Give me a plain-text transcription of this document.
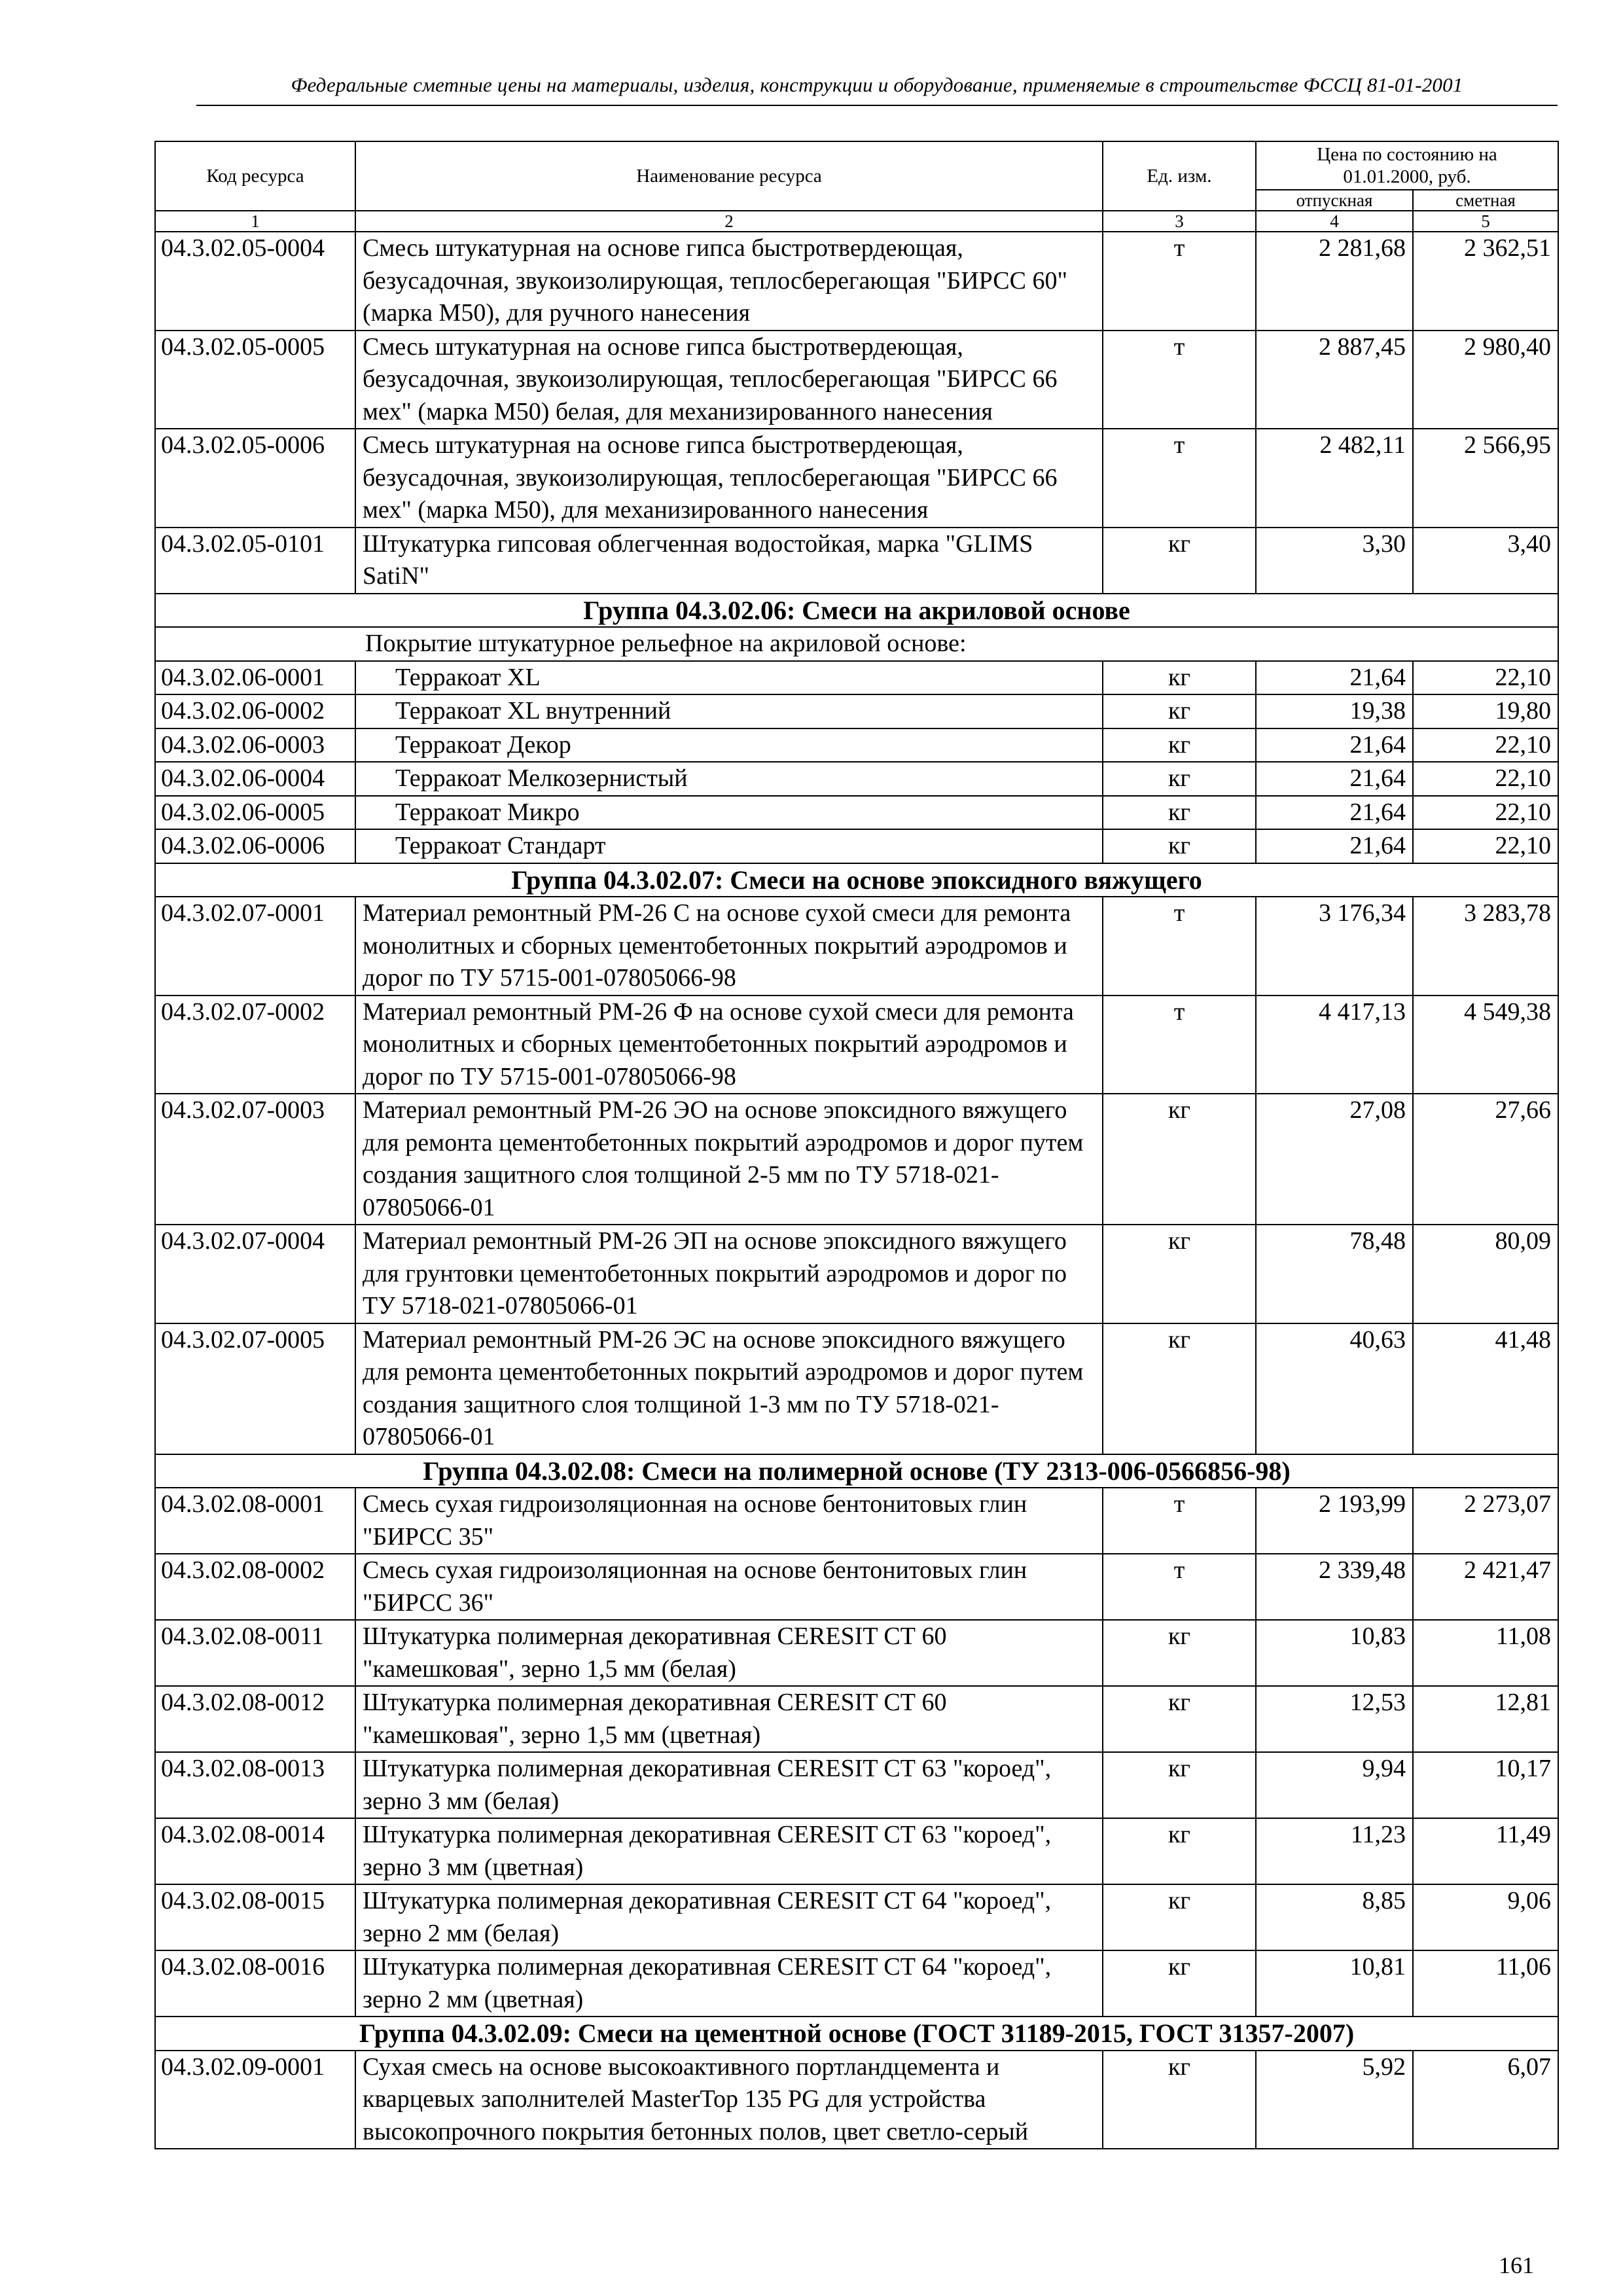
Федеральные сметные цены на материалы, изделия, конструкции и оборудование, применяемые в строительстве ФССЦ 81-01-2001
Код ресурса	Наименование ресурса	Ед. изм.	Цена по состоянию на 01.01.2000, руб.	
			отпускная	сметная
1	2	3	4	5
04.3.02.05-0004	Смесь штукатурная на основе гипса быстротвердеющая, безусадочная, звукоизолирующая, теплосберегающая "БИРСС 60" (марка М50), для ручного нанесения	т	2 281,68	2 362,51
04.3.02.05-0005	Смесь штукатурная на основе гипса быстротвердеющая, безусадочная, звукоизолирующая, теплосберегающая "БИРСС 66 мех" (марка М50) белая, для механизированного нанесения	т	2 887,45	2 980,40
04.3.02.05-0006	Смесь штукатурная на основе гипса быстротвердеющая, безусадочная, звукоизолирующая, теплосберегающая "БИРСС 66 мех" (марка М50), для механизированного нанесения	т	2 482,11	2 566,95
04.3.02.05-0101	Штукатурка гипсовая облегченная водостойкая, марка "GLIMS SatiN"	кг	3,30	3,40
Группа 04.3.02.06: Смеси на акриловой основе				
Покрытие штукатурное рельефное на акриловой основе:				
04.3.02.06-0001	Терракоат XL	кг	21,64	22,10
04.3.02.06-0002	Терракоат XL внутренний	кг	19,38	19,80
04.3.02.06-0003	Терракоат Декор	кг	21,64	22,10
04.3.02.06-0004	Терракоат Мелкозернистый	кг	21,64	22,10
04.3.02.06-0005	Терракоат Микро	кг	21,64	22,10
04.3.02.06-0006	Терракоат Стандарт	кг	21,64	22,10
Группа 04.3.02.07: Смеси на основе эпоксидного вяжущего				
04.3.02.07-0001	Материал ремонтный РМ-26 С на основе сухой смеси для ремонта монолитных и сборных цементобетонных покрытий аэродромов и дорог по ТУ 5715-001-07805066-98	т	3 176,34	3 283,78
04.3.02.07-0002	Материал ремонтный РМ-26 Ф на основе сухой смеси для ремонта монолитных и сборных цементобетонных покрытий аэродромов и дорог по ТУ 5715-001-07805066-98	т	4 417,13	4 549,38
04.3.02.07-0003	Материал ремонтный РМ-26 ЭО на основе эпоксидного вяжущего для ремонта цементобетонных покрытий аэродромов и дорог путем создания защитного слоя толщиной 2-5 мм по ТУ 5718-021-07805066-01	кг	27,08	27,66
04.3.02.07-0004	Материал ремонтный РМ-26 ЭП на основе эпоксидного вяжущего для грунтовки цементобетонных покрытий аэродромов и дорог по ТУ 5718-021-07805066-01	кг	78,48	80,09
04.3.02.07-0005	Материал ремонтный РМ-26 ЭС на основе эпоксидного вяжущего для ремонта цементобетонных покрытий аэродромов и дорог путем создания защитного слоя толщиной 1-3 мм по ТУ 5718-021- 07805066-01	кг	40,63	41,48
Группа 04.3.02.08: Смеси на полимерной основе (ТУ 2313-006-0566856-98)				
04.3.02.08-0001	Смесь сухая гидроизоляционная на основе бентонитовых глин "БИРСС 35"	т	2 193,99	2 273,07
04.3.02.08-0002	Смесь сухая гидроизоляционная на основе бентонитовых глин "БИРСС 36"	т	2 339,48	2 421,47
04.3.02.08-0011	Штукатурка полимерная декоративная CERESIT СТ 60 "камешковая", зерно 1,5 мм (белая)	кг	10,83	11,08
04.3.02.08-0012	Штукатурка полимерная декоративная CERESIT СТ 60 "камешковая", зерно 1,5 мм (цветная)	кг	12,53	12,81
04.3.02.08-0013	Штукатурка полимерная декоративная CERESIT СТ 63 "короед", зерно 3 мм (белая)	кг	9,94	10,17
04.3.02.08-0014	Штукатурка полимерная декоративная CERESIT СТ 63 "короед", зерно 3 мм (цветная)	кг	11,23	11,49
04.3.02.08-0015	Штукатурка полимерная декоративная CERESIT СТ 64 "короед", зерно 2 мм (белая)	кг	8,85	9,06
04.3.02.08-0016	Штукатурка полимерная декоративная CERESIT СТ 64 "короед", зерно 2 мм (цветная)	кг	10,81	11,06
Группа 04.3.02.09: Смеси на цементной основе (ГОСТ 31189-2015, ГОСТ 31357-2007)				
04.3.02.09-0001	Сухая смесь на основе высокоактивного портландцемента и кварцевых заполнителей MasterTop 135 PG для устройства высокопрочного покрытия бетонных полов, цвет светло-серый	кг	5,92	6,07
161
